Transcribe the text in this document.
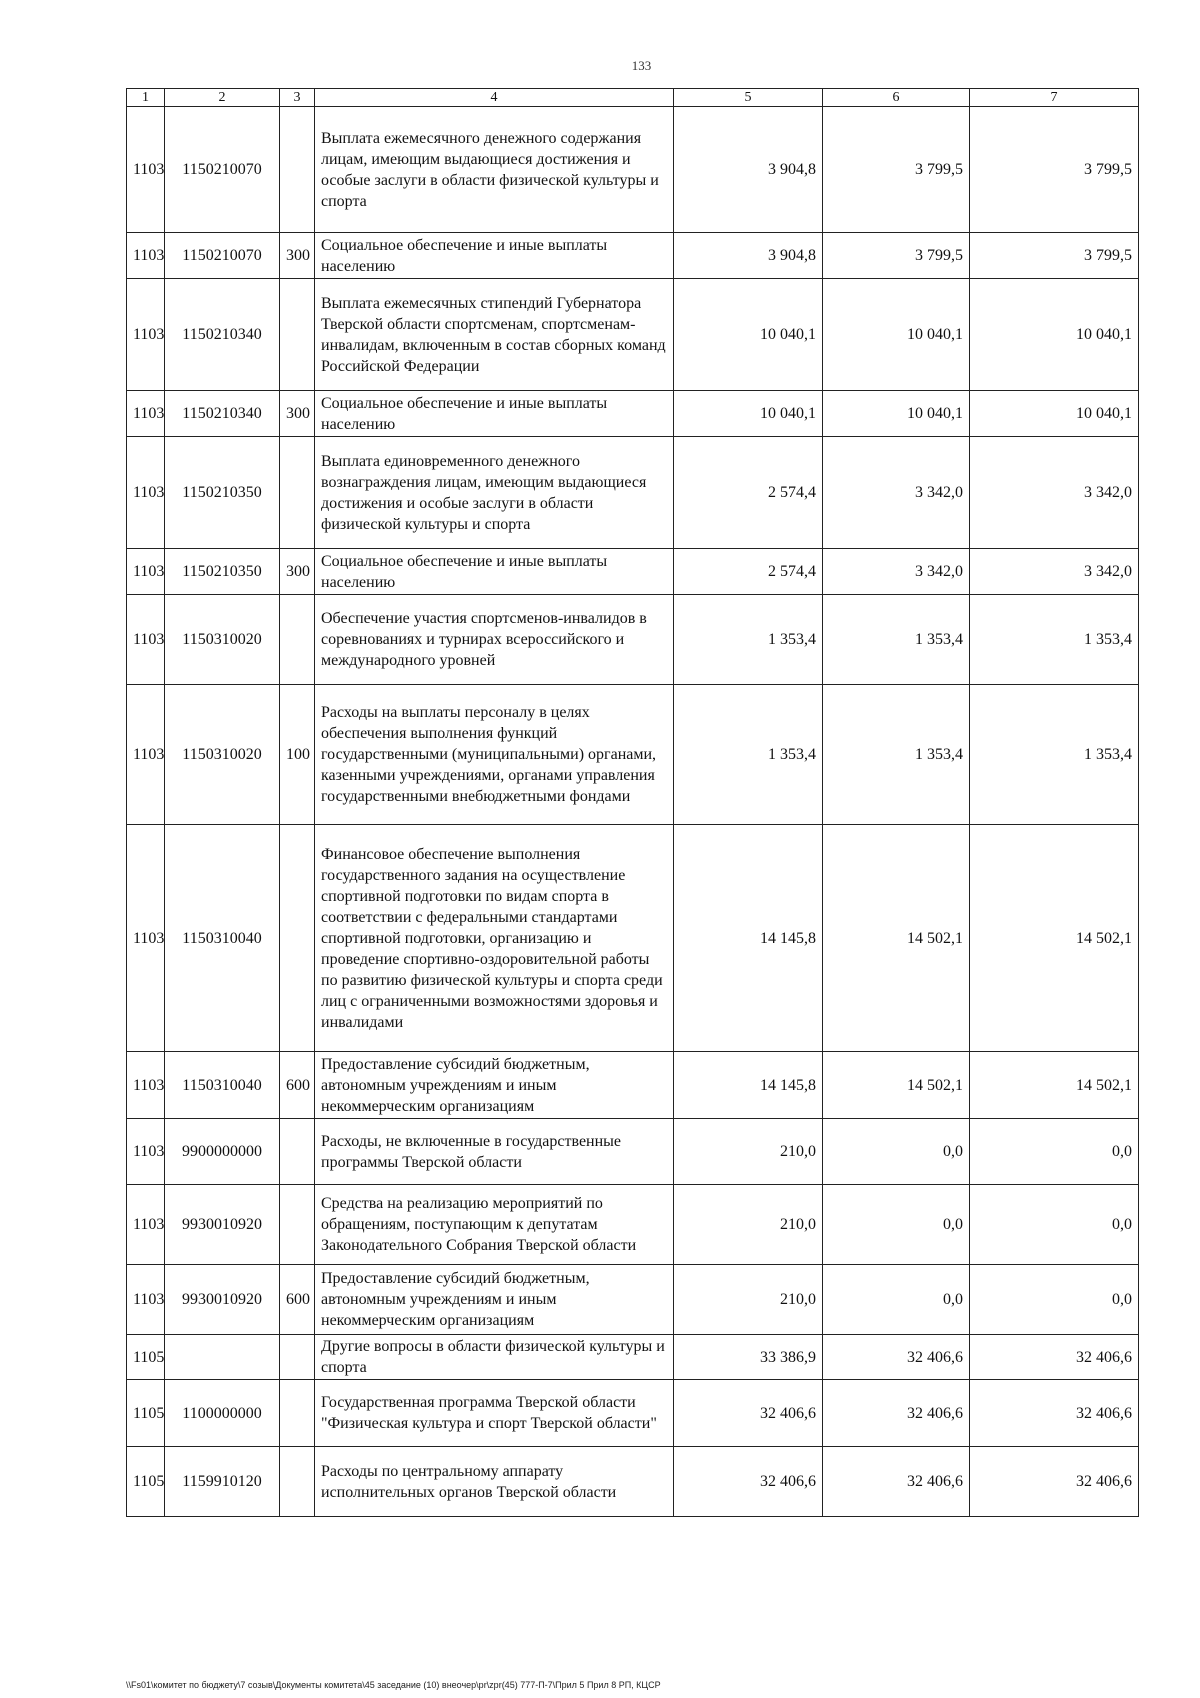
133
1	2	3	4	5	6	7
1103	1150210070		Выплата ежемесячного денежного содержания лицам, имеющим выдающиеся достижения и особые заслуги в области физической культуры и спорта	3 904,8	3 799,5	3 799,5
1103	1150210070	300	Социальное обеспечение и иные выплаты населению	3 904,8	3 799,5	3 799,5
1103	1150210340		Выплата ежемесячных стипендий Губернатора Тверской области спортсменам, спортсменам-инвалидам, включенным в состав сборных команд Российской Федерации	10 040,1	10 040,1	10 040,1
1103	1150210340	300	Социальное обеспечение и иные выплаты населению	10 040,1	10 040,1	10 040,1
1103	1150210350		Выплата единовременного денежного вознаграждения лицам, имеющим выдающиеся достижения и особые заслуги в области физической культуры и спорта	2 574,4	3 342,0	3 342,0
1103	1150210350	300	Социальное обеспечение и иные выплаты населению	2 574,4	3 342,0	3 342,0
1103	1150310020		Обеспечение участия спортсменов-инвалидов в соревнованиях и турнирах всероссийского и международного уровней	1 353,4	1 353,4	1 353,4
1103	1150310020	100	Расходы на выплаты персоналу в целях обеспечения выполнения функций государственными (муниципальными) органами, казенными учреждениями, органами управления государственными внебюджетными фондами	1 353,4	1 353,4	1 353,4
1103	1150310040		Финансовое обеспечение выполнения государственного задания на осуществление спортивной подготовки по видам спорта в соответствии с федеральными стандартами спортивной подготовки, организацию и проведение спортивно-оздоровительной работы по развитию физической культуры и спорта среди лиц с ограниченными возможностями здоровья и инвалидами	14 145,8	14 502,1	14 502,1
1103	1150310040	600	Предоставление субсидий бюджетным, автономным учреждениям и иным некоммерческим организациям	14 145,8	14 502,1	14 502,1
1103	9900000000		Расходы, не включенные в государственные программы Тверской области	210,0	0,0	0,0
1103	9930010920		Средства на реализацию мероприятий по обращениям, поступающим к депутатам Законодательного Собрания Тверской области	210,0	0,0	0,0
1103	9930010920	600	Предоставление субсидий бюджетным, автономным учреждениям и иным некоммерческим организациям	210,0	0,0	0,0
1105			Другие вопросы в области физической культуры и спорта	33 386,9	32 406,6	32 406,6
1105	1100000000		Государственная программа Тверской области "Физическая культура и спорт Тверской области"	32 406,6	32 406,6	32 406,6
1105	1159910120		Расходы по центральному аппарату исполнительных органов Тверской области	32 406,6	32 406,6	32 406,6
\\Fs01\комитет по бюджету\7 созыв\Документы комитета\45 заседание (10) внеочер\pr\zpr(45) 777-П-7\Прил 5 Прил 8 РП, КЦСР
